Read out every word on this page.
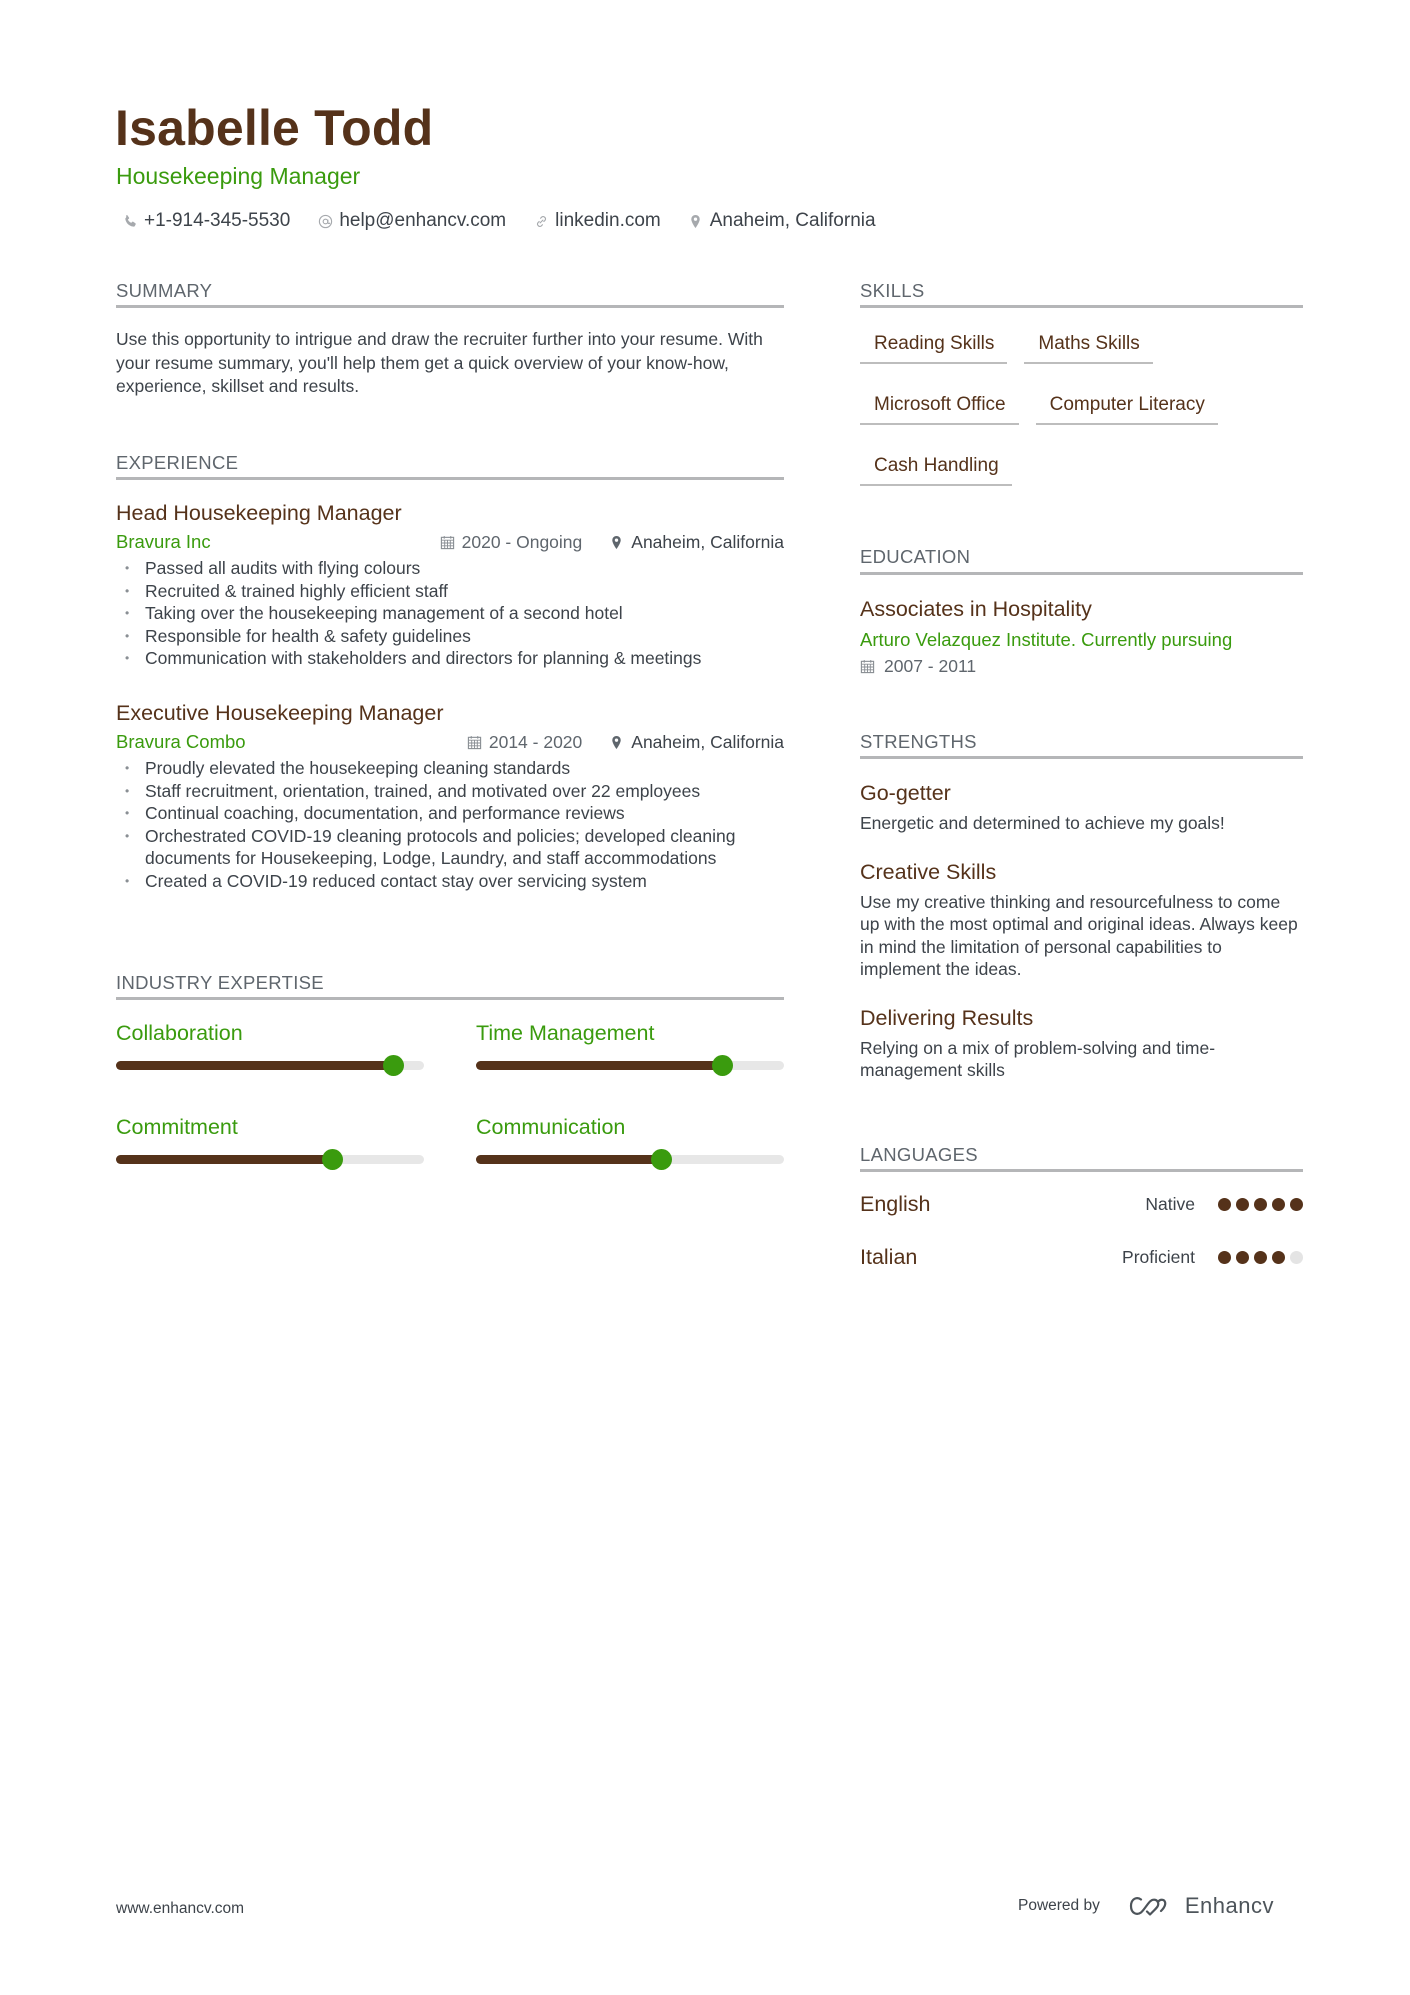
Isabelle Todd
Housekeeping Manager
+1-914-345-5530	help@enhancv.com	linkedin.com	Anaheim, California
SUMMARY
Use this opportunity to intrigue and draw the recruiter further into your resume. With your resume summary, you'll help them get a quick overview of your know-how, experience, skillset and results.
EXPERIENCE
Head Housekeeping Manager
Bravura Inc	2020 - Ongoing	Anaheim, California
• Passed all audits with flying colours
• Recruited & trained highly efficient staff
• Taking over the housekeeping management of a second hotel
• Responsible for health & safety guidelines
• Communication with stakeholders and directors for planning & meetings
Executive Housekeeping Manager
Bravura Combo	2014 - 2020	Anaheim, California
• Proudly elevated the housekeeping cleaning standards
• Staff recruitment, orientation, trained, and motivated over 22 employees
• Continual coaching, documentation, and performance reviews
• Orchestrated COVID-19 cleaning protocols and policies; developed cleaning documents for Housekeeping, Lodge, Laundry, and staff accommodations
• Created a COVID-19 reduced contact stay over servicing system
INDUSTRY EXPERTISE
Collaboration	Time Management
Commitment	Communication
SKILLS
Reading Skills	Maths Skills
Microsoft Office	Computer Literacy
Cash Handling
EDUCATION
Associates in Hospitality
Arturo Velazquez Institute. Currently pursuing
2007 - 2011
STRENGTHS
Go-getter
Energetic and determined to achieve my goals!
Creative Skills
Use my creative thinking and resourcefulness to come up with the most optimal and original ideas. Always keep in mind the limitation of personal capabilities to implement the ideas.
Delivering Results
Relying on a mix of problem-solving and time-management skills
LANGUAGES
English	Native
Italian	Proficient
www.enhancv.com	Powered by	Enhancv
